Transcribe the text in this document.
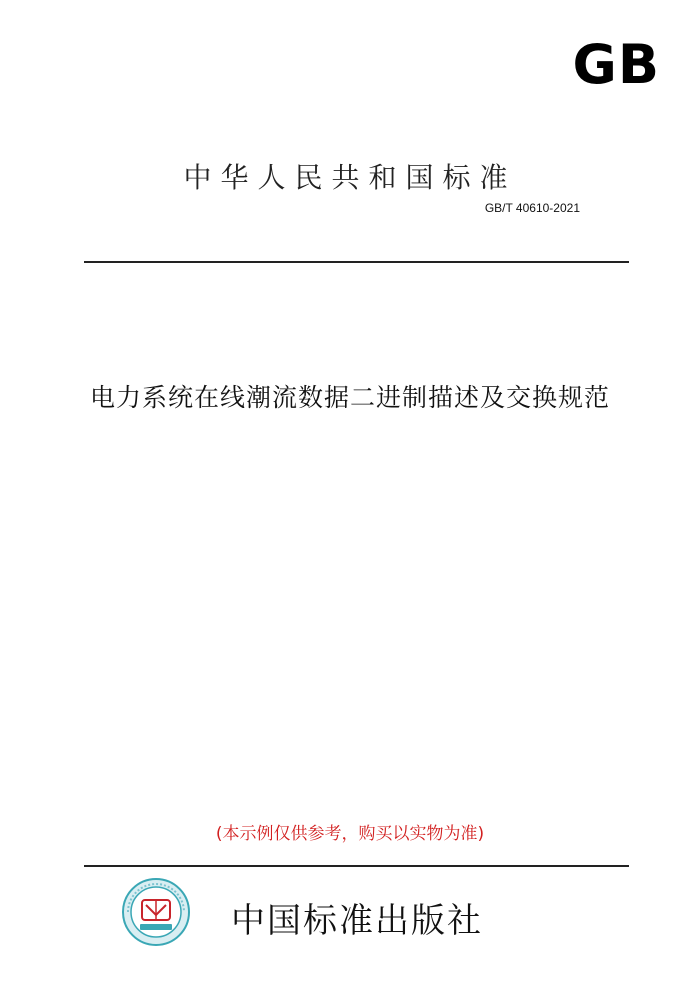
GB
中华人民共和国标准
GB/T 40610-2021
电力系统在线潮流数据二进制描述及交换规范
(本示例仅供参考，购买以实物为准)
中国标准出版社
